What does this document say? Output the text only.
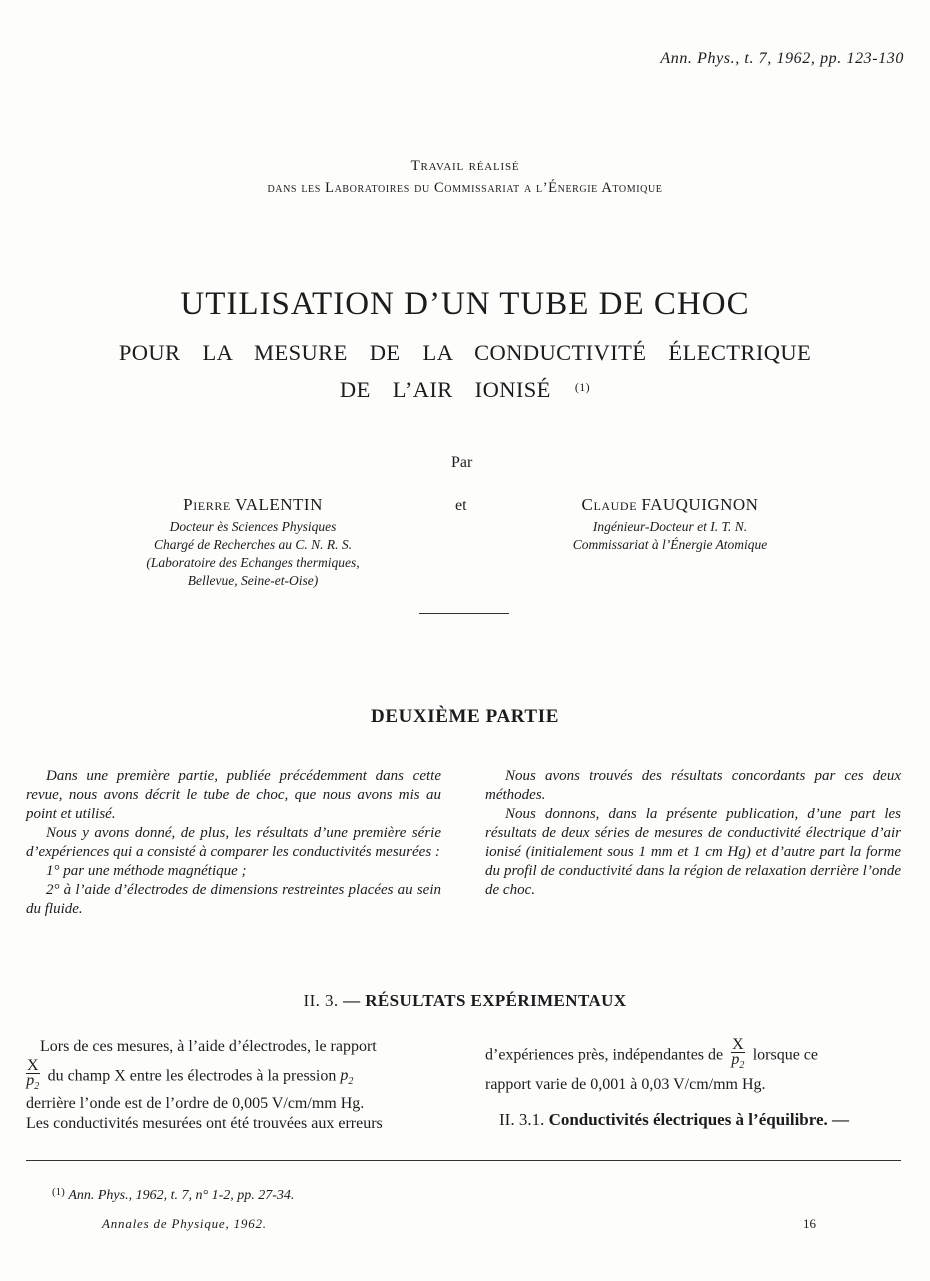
Ann. Phys., t. 7, 1962, pp. 123-130
Travail réalisé
dans les Laboratoires du Commissariat a l’Énergie Atomique
UTILISATION D’UN TUBE DE CHOC
POUR LA MESURE DE LA CONDUCTIVITÉ ÉLECTRIQUE
DE L’AIR IONISÉ $^{(1)}$
Par
Pierre VALENTIN
Docteur ès Sciences Physiques
Chargé de Recherches au C. N. R. S.
(Laboratoire des Echanges thermiques,
Bellevue, Seine-et-Oise)
et	Claude FAUQUIGNON
Ingénieur-Docteur et I. T. N.
Commissariat à l’Énergie Atomique
DEUXIÈME PARTIE

Dans une première partie, publiée précédemment dans cette revue, nous avons décrit le tube de choc, que nous avons mis au point et utilisé.

Nous y avons donné, de plus, les résultats d’une première série d’expériences qui a consisté à comparer les conductivités mesurées :

1° par une méthode magnétique ;

2° à l’aide d’électrodes de dimensions restreintes placées au sein du fluide.

Nous avons trouvés des résultats concordants par ces deux méthodes.

Nous donnons, dans la présente publication, d’une part les résultats de deux séries de mesures de conductivité électrique d’air ionisé (initialement sous 1 mm et 1 cm Hg) et d’autre part la forme du profil de conductivité dans la région de relaxation derrière l’onde de choc.

II. 3. — RÉSULTATS EXPÉRIMENTAUX
Lors de ces mesures, à l’aide d’électrodes, le rapport
$\frac{X}{p_2}$ du champ X entre les électrodes à la pression $p_2$
derrière l’onde est de l’ordre de 0,005 V/cm/mm Hg.
Les conductivités mesurées ont été trouvées aux erreurs
d’expériences près, indépendantes de $\frac{X}{p_2}$ lorsque ce
rapport varie de 0,001 à 0,03 V/cm/mm Hg.
II. 3.1. Conductivités électriques à l’équilibre. —
$^{(1)}$ Ann. Phys., 1962, t. 7, n° 1-2, pp. 27-34.
Annales de Physique, 1962.	16
